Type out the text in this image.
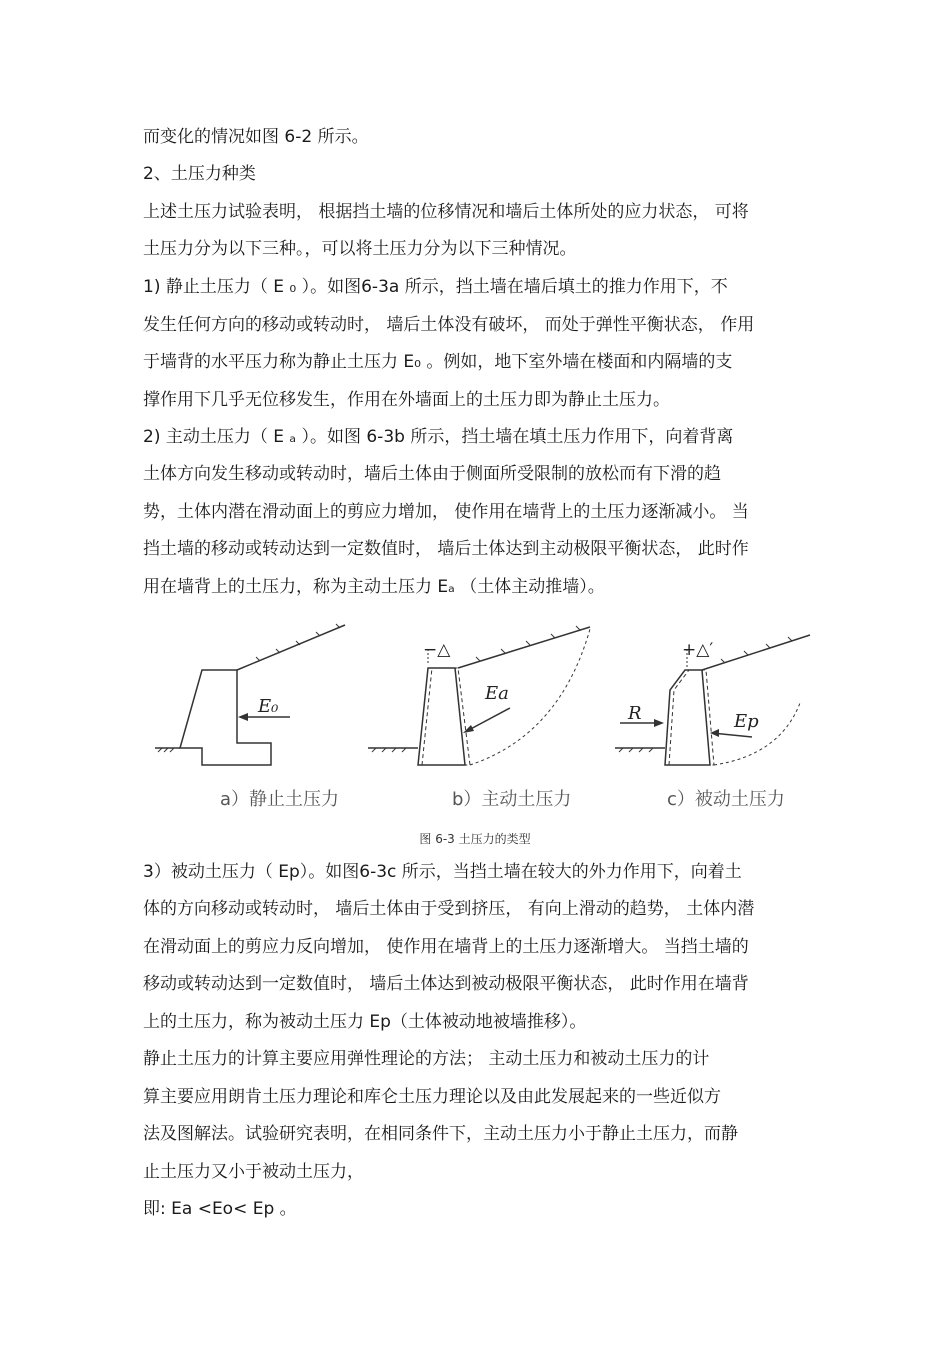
而变化的情况如图 6-2 所示。
2、土压力种类
上述土压力试验表明， 根据挡土墙的位移情况和墙后土体所处的应力状态， 可将
土压力分为以下三种。，可以将土压力分为以下三种情况。
1) 静止土压力（ E ₀ ）。如图6-3a 所示，挡土墙在墙后填土的推力作用下，不
发生任何方向的移动或转动时， 墙后土体没有破坏， 而处于弹性平衡状态， 作用
于墙背的水平压力称为静止土压力 E₀ 。例如，地下室外墙在楼面和内隔墙的支
撑作用下几乎无位移发生，作用在外墙面上的土压力即为静止土压力。
2) 主动土压力（ E ₐ ）。如图 6-3b 所示，挡土墙在填土压力作用下，向着背离
土体方向发生移动或转动时，墙后土体由于侧面所受限制的放松而有下滑的趋
势，土体内潜在滑动面上的剪应力增加， 使作用在墙背上的土压力逐渐减小。 当
挡土墙的移动或转动达到一定数值时， 墙后土体达到主动极限平衡状态， 此时作
用在墙背上的土压力，称为主动土压力 Eₐ （土体主动推墙）。
E₀
Ea
−△
R	Ep
+△′
a）静止土压力	b）主动土压力	c）被动土压力
图 6-3 土压力的类型
3）被动土压力（ Ep）。如图6-3c 所示，当挡土墙在较大的外力作用下，向着土
体的方向移动或转动时， 墙后土体由于受到挤压， 有向上滑动的趋势， 土体内潜
在滑动面上的剪应力反向增加， 使作用在墙背上的土压力逐渐增大。 当挡土墙的
移动或转动达到一定数值时， 墙后土体达到被动极限平衡状态， 此时作用在墙背
上的土压力，称为被动土压力 Ep（土体被动地被墙推移）。
静止土压力的计算主要应用弹性理论的方法； 主动土压力和被动土压力的计
算主要应用朗肯土压力理论和库仑土压力理论以及由此发展起来的一些近似方
法及图解法。试验研究表明，在相同条件下，主动土压力小于静止土压力，而静
止土压力又小于被动土压力，
即: Ea <Eo< Ep 。
